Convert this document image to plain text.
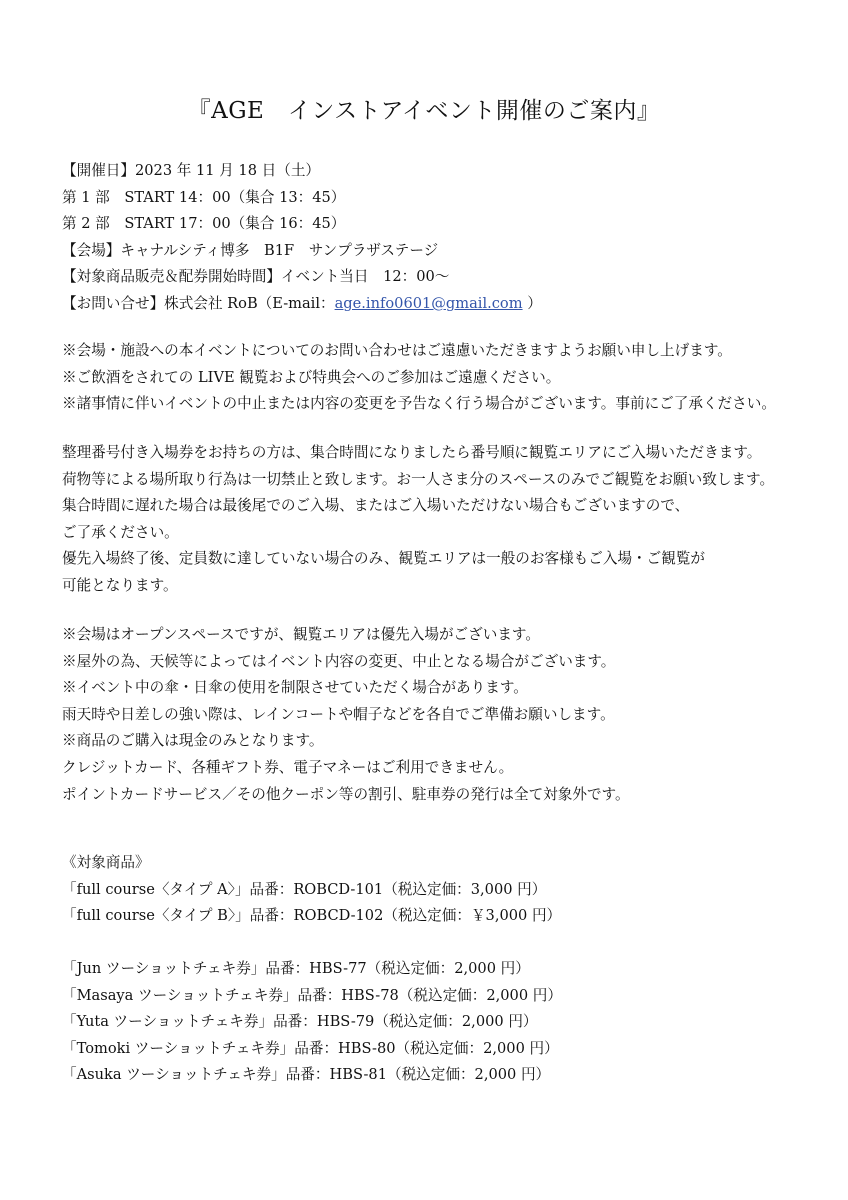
『AGE　インストアイベント開催のご案内』
【開催日】2023 年 11 月 18 日（土）
第 1 部　START 14：00（集合 13：45）
第 2 部　START 17：00（集合 16：45）
【会場】キャナルシティ博多　B1F　サンプラザステージ
【対象商品販売＆配券開始時間】イベント当日　12：00〜
【お問い合せ】株式会社 RoB（E-mail：age.info0601@gmail.com ）
※会場・施設への本イベントについてのお問い合わせはご遠慮いただきますようお願い申し上げます。
※ご飲酒をされての LIVE 観覧および特典会へのご参加はご遠慮ください。
※諸事情に伴いイベントの中止または内容の変更を予告なく行う場合がございます。事前にご了承ください。
整理番号付き入場券をお持ちの方は、集合時間になりましたら番号順に観覧エリアにご入場いただきます。
荷物等による場所取り行為は一切禁止と致します。お一人さま分のスペースのみでご観覧をお願い致します。
集合時間に遅れた場合は最後尾でのご入場、またはご入場いただけない場合もございますので、
ご了承ください。
優先入場終了後、定員数に達していない場合のみ、観覧エリアは一般のお客様もご入場・ご観覧が
可能となります。
※会場はオープンスペースですが、観覧エリアは優先入場がございます。
※屋外の為、天候等によってはイベント内容の変更、中止となる場合がございます。
※イベント中の傘・日傘の使用を制限させていただく場合があります。
雨天時や日差しの強い際は、レインコートや帽子などを各自でご準備お願いします。
※商品のご購入は現金のみとなります。
クレジットカード、各種ギフト券、電子マネーはご利用できません。
ポイントカードサービス／その他クーポン等の割引、駐車券の発行は全て対象外です。
《対象商品》
「full course〈タイプ A〉」品番：ROBCD-101（税込定価：3,000 円）
「full course〈タイプ B〉」品番：ROBCD-102（税込定価：￥3,000 円）
「Jun ツーショットチェキ券」品番：HBS-77（税込定価：2,000 円）
「Masaya ツーショットチェキ券」品番：HBS-78（税込定価：2,000 円）
「Yuta ツーショットチェキ券」品番：HBS-79（税込定価：2,000 円）
「Tomoki ツーショットチェキ券」品番：HBS-80（税込定価：2,000 円）
「Asuka ツーショットチェキ券」品番：HBS-81（税込定価：2,000 円）
